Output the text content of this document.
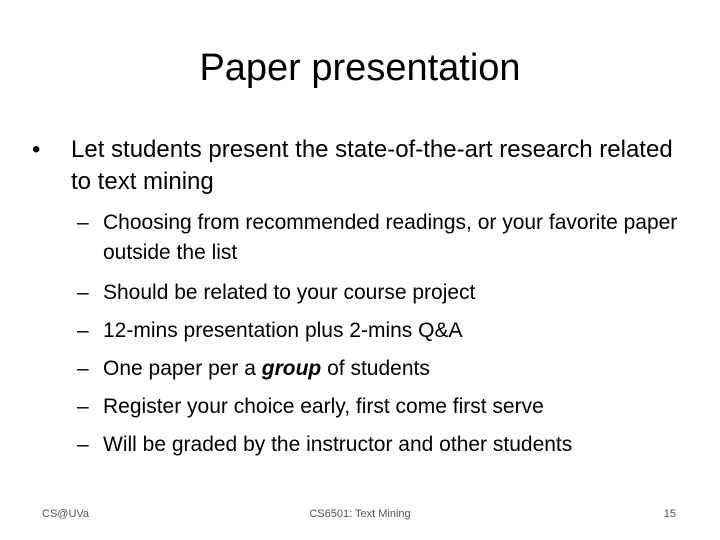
Paper presentation
•	Let students present the state-of-the-art research related to text mining
– Choosing from recommended readings, or your favorite paper outside the list
– Should be related to your course project
– 12-mins presentation plus 2-mins Q&A
– One paper per a group of students
– Register your choice early, first come first serve
– Will be graded by the instructor and other students
CS@UVa	CS6501: Text Mining	15
